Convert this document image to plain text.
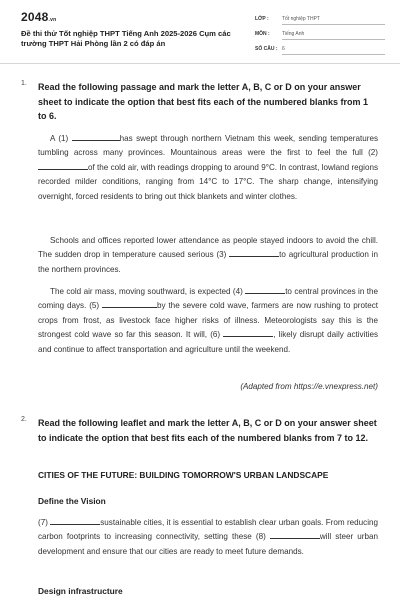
2048.vn
Đề thi thử Tốt nghiệp THPT Tiếng Anh 2025-2026 Cụm các trường THPT Hải Phòng lần 2 có đáp án
LỚP :	Tốt nghiệp THPT
MÔN : Tiếng Anh
SỐ CÂU : 6
1. Read the following passage and mark the letter A, B, C or D on your answer sheet to indicate the option that best fits each of the numbered blanks from 1 to 6.

A (1)	has swept through northern Vietnam this week, sending temperatures tumbling across many provinces. Mountainous areas were the first to feel the full (2) of the cold air, with readings dropping to around 9°C. In contrast, lowland regions recorded milder conditions, ranging from 14°C to 17°C. The sharp change, intensifying overnight, forced residents to bring out thick blankets and winter clothes.

Schools and offices reported lower attendance as people stayed indoors to avoid the chill. The sudden drop in temperature caused serious (3)	to agricultural production in the northern provinces.

The cold air mass, moving southward, is expected (4)	to central provinces in the coming days. (5)	by the severe cold wave, farmers are now rushing to protect crops from frost, as livestock face higher risks of illness. Meteorologists say this is the strongest cold wave so far this season. It will, (6)	, likely disrupt daily activities and continue to affect transportation and agriculture until the weekend.

(Adapted from https://e.vnexpress.net)
2. Read the following leaflet and mark the letter A, B, C or D on your answer sheet to indicate the option that best fits each of the numbered blanks from 7 to 12.
CITIES OF THE FUTURE: BUILDING TOMORROW'S URBAN LANDSCAPE
Define the Vision

(7)	sustainable cities, it is essential to establish clear urban goals. From reducing carbon footprints to increasing connectivity, setting these (8)	will steer urban development and ensure that our cities are ready to meet future demands.

Design infrastructure
